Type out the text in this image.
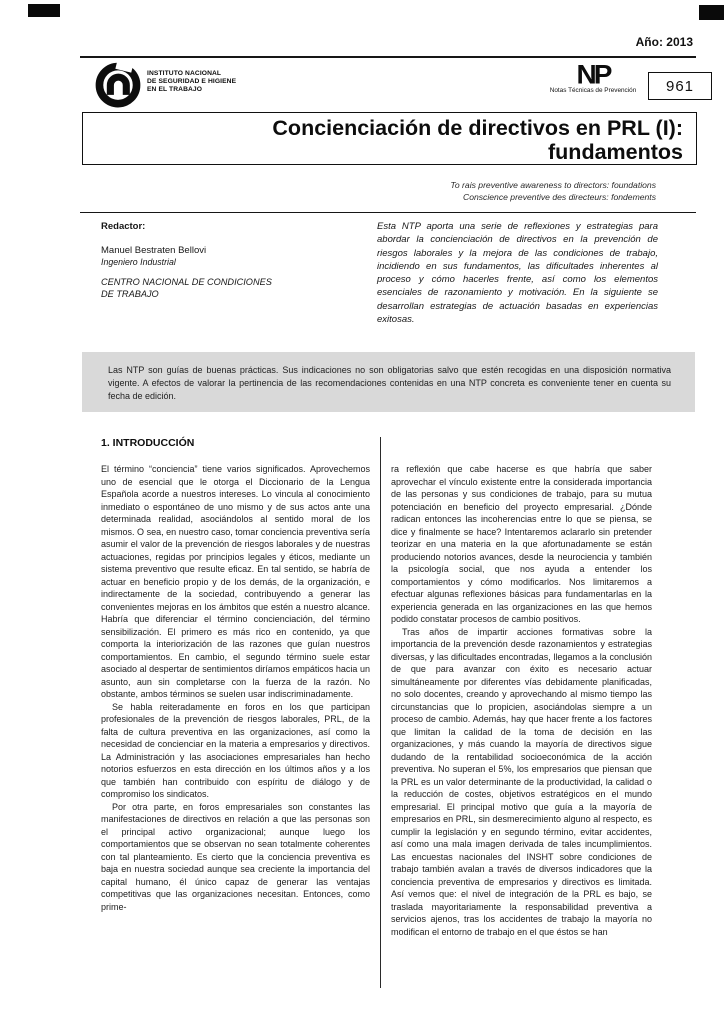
Año: 2013
INSTITUTO NACIONAL
DE SEGURIDAD E HIGIENE
EN EL TRABAJO	NP
Notas Técnicas de Prevención	961
Concienciación de directivos en PRL (I):
fundamentos
To rais preventive awareness to directors: foundations
Conscience preventive des directeurs: fondements
Redactor:
Manuel Bestraten Bellovi
Ingeniero Industrial
CENTRO NACIONAL DE CONDICIONES
DE TRABAJO
Esta NTP aporta una serie de reflexiones y estrategias para abordar la concienciación de directivos en la prevención de riesgos laborales y la mejora de las condiciones de trabajo, incidiendo en sus fundamentos, las dificultades inherentes al proceso y cómo hacerles frente, así como los elementos esenciales de razonamiento y motivación. En la siguiente se desarrollan estrategias de actuación basadas en experiencias exitosas.
Las NTP son guías de buenas prácticas. Sus indicaciones no son obligatorias salvo que estén recogidas en una disposición normativa vigente. A efectos de valorar la pertinencia de las recomendaciones contenidas en una NTP concreta es conveniente tener en cuenta su fecha de edición.
1. INTRODUCCIÓN

El término “conciencia” tiene varios significados. Aprovechemos uno de esencial que le otorga el Diccionario de la Lengua Española acorde a nuestros intereses. Lo vincula al conocimiento inmediato o espontáneo de uno mismo y de sus actos ante una determinada realidad, asociándolos al sentido moral de los mismos. O sea, en nuestro caso, tomar conciencia preventiva sería asumir el valor de la prevención de riesgos laborales y de nuestras actuaciones, regidas por principios legales y éticos, mediante un sistema preventivo que resulte eficaz. En tal sentido, se habría de actuar en beneficio propio y de los demás, de la organización, e indirectamente de la sociedad, contribuyendo a generar las convenientes mejoras en los ámbitos que estén a nuestro alcance. Habría que diferenciar el término concienciación, del término sensibilización. El primero es más rico en contenido, ya que comporta la interiorización de las razones que guían nuestros comportamientos. En cambio, el segundo término suele estar asociado al despertar de sentimientos diríamos empáticos hacia un asunto, aun sin completarse con la fuerza de la razón. No obstante, ambos términos se suelen usar indiscriminadamente.

Se habla reiteradamente en foros en los que participan profesionales de la prevención de riesgos laborales, PRL, de la falta de cultura preventiva en las organizaciones, así como la necesidad de concienciar en la materia a empresarios y directivos. La Administración y las asociaciones empresariales han hecho notorios esfuerzos en esta dirección en los últimos años y a los que también han contribuido con espíritu de diálogo y de compromiso los sindicatos.

Por otra parte, en foros empresariales son constantes las manifestaciones de directivos en relación a que las personas son el principal activo organizacional; aunque luego los comportamientos que se observan no sean totalmente coherentes con tal planteamiento. Es cierto que la conciencia preventiva es baja en nuestra sociedad aunque sea creciente la importancia del capital humano, él único capaz de generar las ventajas competitivas que las organizaciones necesitan. Entonces, como prime-

ra reflexión que cabe hacerse es que habría que saber aprovechar el vínculo existente entre la considerada importancia de las personas y sus condiciones de trabajo, para su mutua potenciación en beneficio del proyecto empresarial. ¿Dónde radican entonces las incoherencias entre lo que se piensa, se dice y finalmente se hace? Intentaremos aclararlo sin pretender teorizar en una materia en la que afortunadamente se están produciendo notorios avances, desde la neurociencia y también la psicología social, que nos ayuda a entender los comportamientos y cómo modificarlos. Nos limitaremos a efectuar algunas reflexiones básicas para fundamentarlas en la experiencia generada en las organizaciones en las que hemos podido constatar procesos de cambio positivos.

Tras años de impartir acciones formativas sobre la importancia de la prevención desde razonamientos y estrategias diversas, y las dificultades encontradas, llegamos a la conclusión de que para avanzar con éxito es necesario actuar simultáneamente por diferentes vías debidamente planificadas, no solo docentes, creando y aprovechando al mismo tiempo las circunstancias que lo propicien, asociándolas siempre a un proceso de cambio. Además, hay que hacer frente a los factores que limitan la calidad de la toma de decisión en las organizaciones, y más cuando la mayoría de directivos sigue dudando de la rentabilidad socioeconómica de la acción preventiva. No superan el 5%, los empresarios que piensan que la PRL es un valor determinante de la productividad, la calidad o la reducción de costes, objetivos estratégicos en el mundo empresarial. El principal motivo que guía a la mayoría de empresarios en PRL, sin desmerecimiento alguno al respecto, es cumplir la legislación y en segundo término, evitar accidentes, así como una mala imagen derivada de tales incumplimientos. Las encuestas nacionales del INSHT sobre condiciones de trabajo también avalan a través de diversos indicadores que la conciencia preventiva de empresarios y directivos es limitada. Así vemos que: el nivel de integración de la PRL es bajo, se traslada mayoritariamente la responsabilidad preventiva a servicios ajenos, tras los accidentes de trabajo la mayoría no modifican el entorno de trabajo en el que éstos se han
